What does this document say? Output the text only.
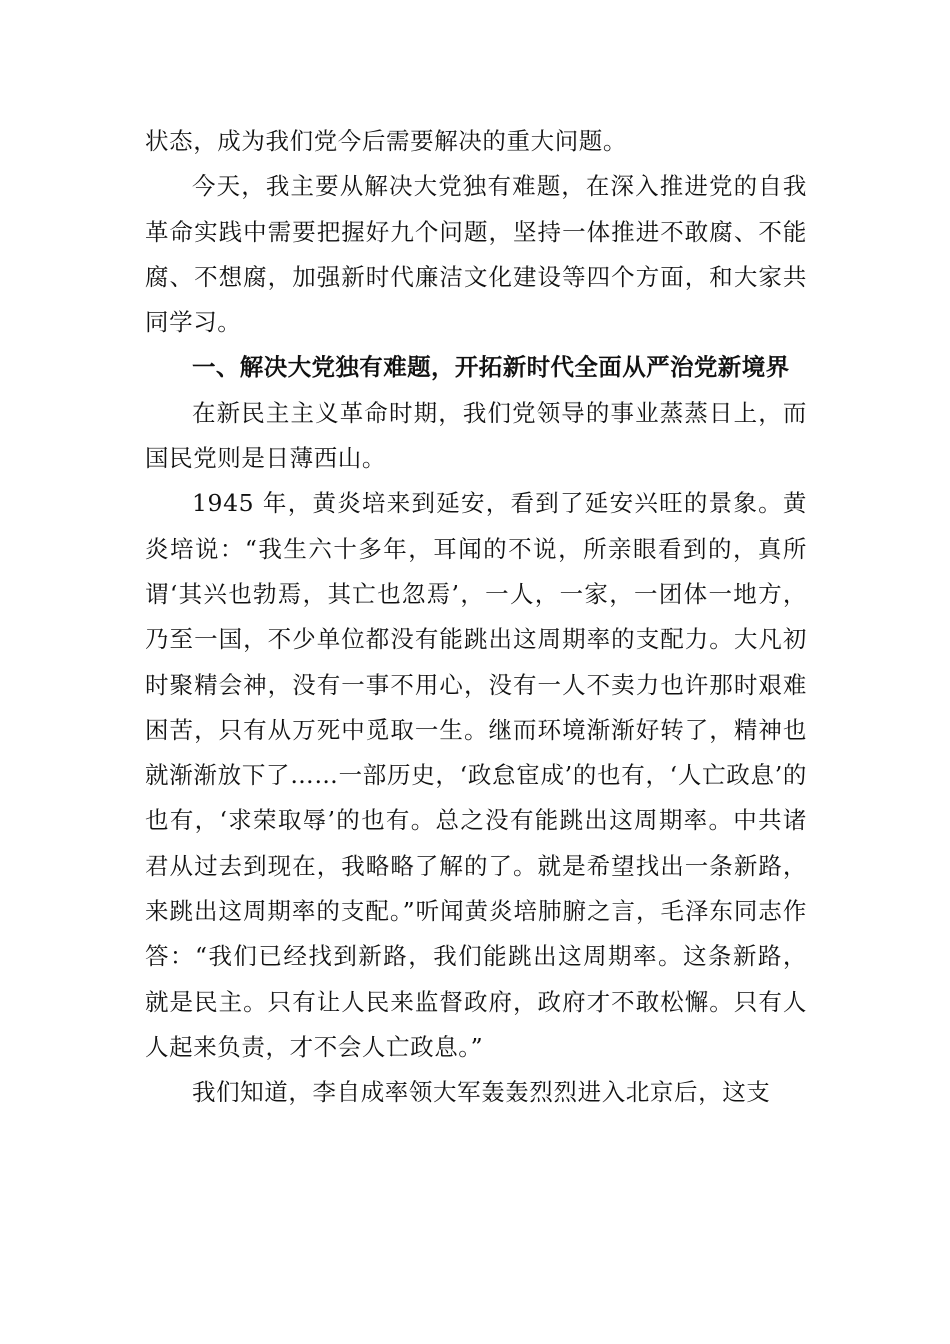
状态，成为我们党今后需要解决的重大问题。

今天，我主要从解决大党独有难题，在深入推进党的自我革命实践中需要把握好九个问题，坚持一体推进不敢腐、不能腐、不想腐，加强新时代廉洁文化建设等四个方面，和大家共同学习。

一、解决大党独有难题，开拓新时代全面从严治党新境界

在新民主主义革命时期，我们党领导的事业蒸蒸日上，而国民党则是日薄西山。

1945 年，黄炎培来到延安，看到了延安兴旺的景象。黄炎培说：“我生六十多年，耳闻的不说，所亲眼看到的，真所谓‘其兴也勃焉，其亡也忽焉’，一人，一家，一团体一地方，乃至一国，不少单位都没有能跳出这周期率的支配力。大凡初时聚精会神，没有一事不用心，没有一人不卖力也许那时艰难困苦，只有从万死中觅取一生。继而环境渐渐好转了，精神也就渐渐放下了……一部历史，‘政怠宦成’的也有，‘人亡政息’的也有，‘求荣取辱’的也有。总之没有能跳出这周期率。中共诸君从过去到现在，我略略了解的了。就是希望找出一条新路，来跳出这周期率的支配。”听闻黄炎培肺腑之言，毛泽东同志作答：“我们已经找到新路，我们能跳出这周期率。这条新路，就是民主。只有让人民来监督政府，政府才不敢松懈。只有人人起来负责，才不会人亡政息。”

我们知道，李自成率领大军轰轰烈烈进入北京后，这支
